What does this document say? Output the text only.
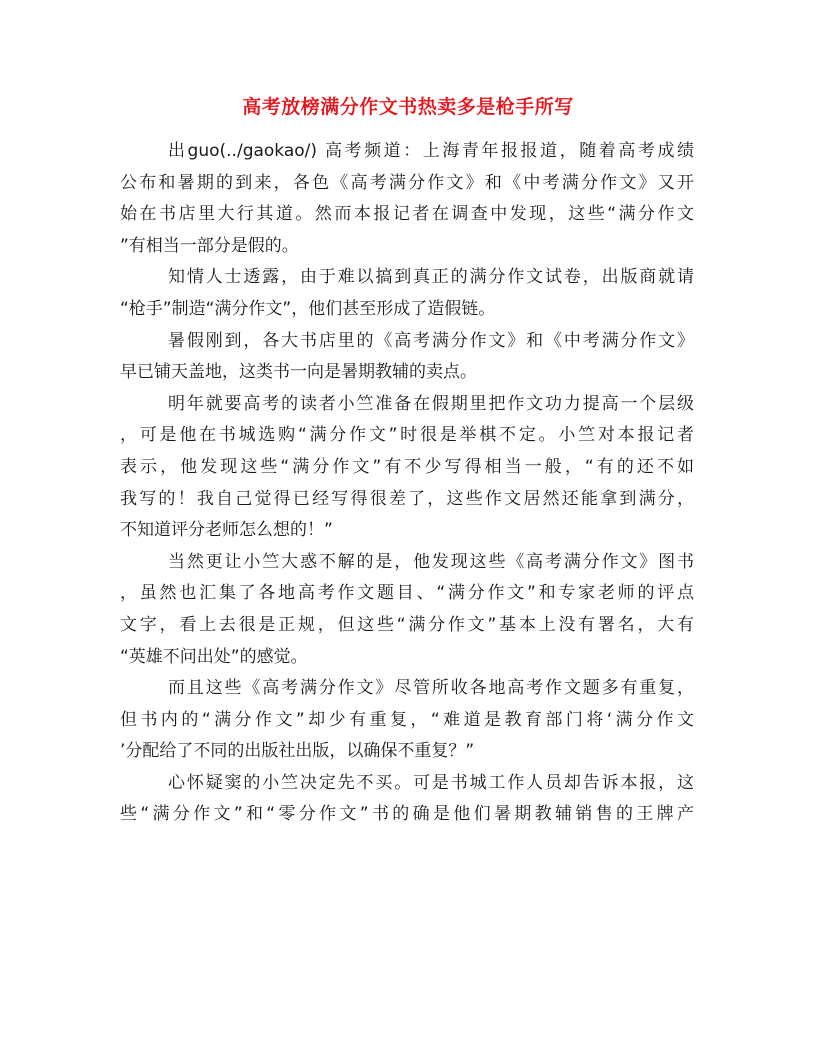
高考放榜满分作文书热卖多是枪手所写
出guo(../gaokao/) 高考频道：上海青年报报道，随着高考成绩
公布和暑期的到来，各色《高考满分作文》和《中考满分作文》又开
始在书店里大行其道。然而本报记者在调查中发现，这些“满分作文
”有相当一部分是假的。
知情人士透露，由于难以搞到真正的满分作文试卷，出版商就请
“枪手”制造“满分作文”，他们甚至形成了造假链。
暑假刚到，各大书店里的《高考满分作文》和《中考满分作文》
早已铺天盖地，这类书一向是暑期教辅的卖点。
明年就要高考的读者小竺准备在假期里把作文功力提高一个层级
，可是他在书城选购“满分作文”时很是举棋不定。小竺对本报记者
表示，他发现这些“满分作文”有不少写得相当一般，“有的还不如
我写的！我自己觉得已经写得很差了，这些作文居然还能拿到满分，
不知道评分老师怎么想的！”
当然更让小竺大惑不解的是，他发现这些《高考满分作文》图书
，虽然也汇集了各地高考作文题目、“满分作文”和专家老师的评点
文字，看上去很是正规，但这些“满分作文”基本上没有署名，大有
“英雄不问出处”的感觉。
而且这些《高考满分作文》尽管所收各地高考作文题多有重复，
但书内的“满分作文”却少有重复，“难道是教育部门将‘满分作文
’分配给了不同的出版社出版，以确保不重复？”
心怀疑窦的小竺决定先不买。可是书城工作人员却告诉本报，这
些“满分作文”和“零分作文”书的确是他们暑期教辅销售的王牌产
